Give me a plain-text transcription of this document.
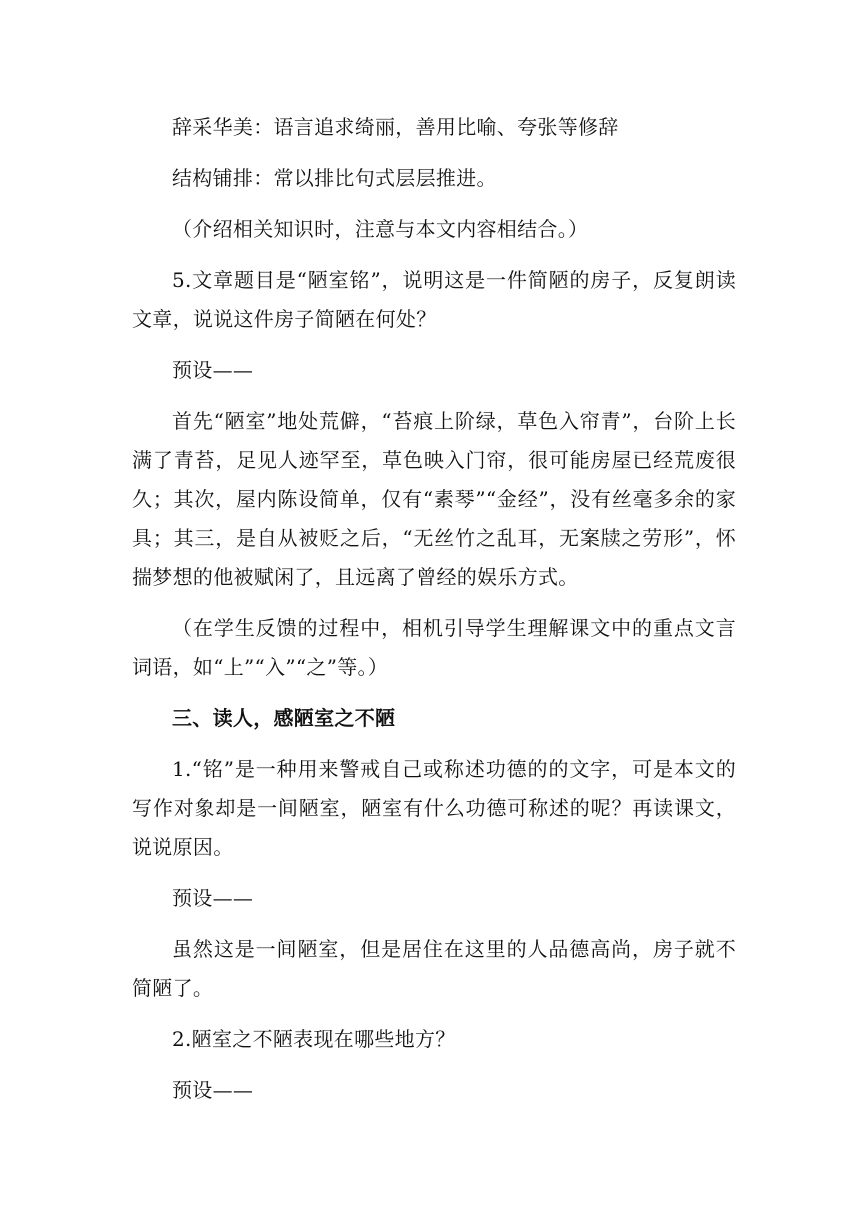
辞采华美：语言追求绮丽，善用比喻、夸张等修辞

结构铺排：常以排比句式层层推进。

（介绍相关知识时，注意与本文内容相结合。）

5.文章题目是“陋室铭”，说明这是一件简陋的房子，反复朗读文章，说说这件房子简陋在何处？

预设——

首先“陋室”地处荒僻，“苔痕上阶绿，草色入帘青”，台阶上长满了青苔，足见人迹罕至，草色映入门帘，很可能房屋已经荒废很久；其次，屋内陈设简单，仅有“素琴”“金经”，没有丝毫多余的家具；其三，是自从被贬之后，“无丝竹之乱耳，无案牍之劳形”，怀揣梦想的他被赋闲了，且远离了曾经的娱乐方式。

（在学生反馈的过程中，相机引导学生理解课文中的重点文言词语，如“上”“入”“之”等。）

三、读人，感陋室之不陋

1.“铭”是一种用来警戒自己或称述功德的的文字，可是本文的写作对象却是一间陋室，陋室有什么功德可称述的呢？再读课文，说说原因。

预设——

虽然这是一间陋室，但是居住在这里的人品德高尚，房子就不简陋了。

2.陋室之不陋表现在哪些地方？

预设——
